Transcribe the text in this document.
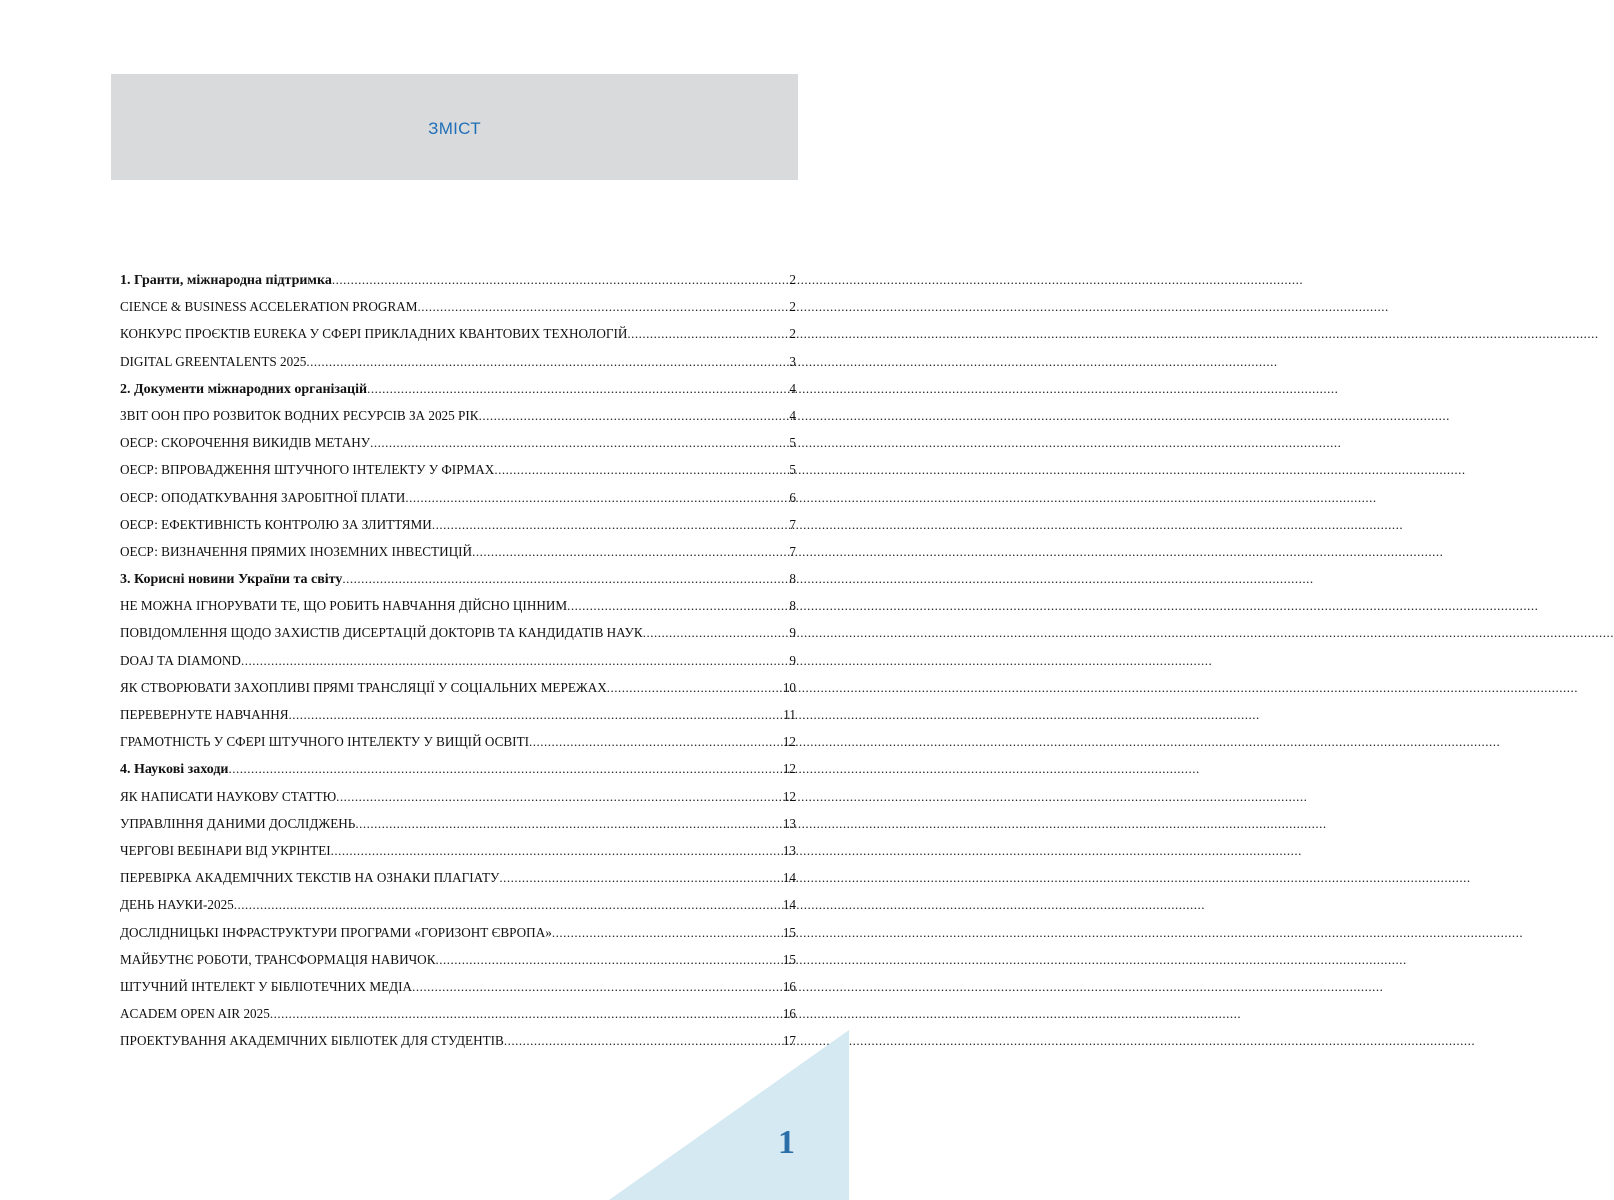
ЗМІСТ
1. Гранти, міжнародна підтримка .....	2
CIENCE & BUSINESS ACCELERATION PROGRAM .....	2
КОНКУРС ПРОЄКТІВ EUREKA У СФЕРІ ПРИКЛАДНИХ КВАНТОВИХ ТЕХНОЛОГІЙ .....	2
DIGITAL GREENTALENTS 2025 .....	3
2. Документи міжнародних організацій .....	4
ЗВІТ ООН ПРО РОЗВИТОК ВОДНИХ РЕСУРСІВ ЗА 2025 РІК .....	4
ОЕСР: СКОРОЧЕННЯ ВИКИДІВ МЕТАНУ .....	5
ОЕСР: ВПРОВАДЖЕННЯ ШТУЧНОГО ІНТЕЛЕКТУ У ФІРМАХ .....	5
ОЕСР: ОПОДАТКУВАННЯ ЗАРОБІТНОЇ ПЛАТИ .....	6
ОЕСР: ЕФЕКТИВНІСТЬ КОНТРОЛЮ ЗА ЗЛИТТЯМИ .....	7
ОЕСР: ВИЗНАЧЕННЯ ПРЯМИХ ІНОЗЕМНИХ ІНВЕСТИЦІЙ .....	7
3. Корисні новини України та світу .....	8
НЕ МОЖНА ІГНОРУВАТИ ТЕ, ЩО РОБИТЬ НАВЧАННЯ ДІЙСНО ЦІННИМ .....	8
ПОВІДОМЛЕННЯ ЩОДО ЗАХИСТІВ ДИСЕРТАЦІЙ ДОКТОРІВ ТА КАНДИДАТІВ НАУК .....	9
DOAJ ТА DIAMOND .....	9
ЯК СТВОРЮВАТИ ЗАХОПЛИВІ ПРЯМІ ТРАНСЛЯЦІЇ У СОЦІАЛЬНИХ МЕРЕЖАХ .....	10
ПЕРЕВЕРНУТЕ НАВЧАННЯ .....	11
ГРАМОТНІСТЬ У СФЕРІ ШТУЧНОГО ІНТЕЛЕКТУ У ВИЩІЙ ОСВІТІ .....	12
4. Наукові заходи .....	12
ЯК НАПИСАТИ НАУКОВУ СТАТТЮ .....	12
УПРАВЛІННЯ ДАНИМИ ДОСЛІДЖЕНЬ .....	13
ЧЕРГОВІ ВЕБІНАРИ ВІД УКРІНТЕІ .....	13
ПЕРЕВІРКА АКАДЕМІЧНИХ ТЕКСТІВ НА ОЗНАКИ ПЛАГІАТУ .....	14
ДЕНЬ НАУКИ-2025 .....	14
ДОСЛІДНИЦЬКІ ІНФРАСТРУКТУРИ ПРОГРАМИ «ГОРИЗОНТ ЄВРОПА» .....	15
МАЙБУТНЄ РОБОТИ, ТРАНСФОРМАЦІЯ НАВИЧОК .....	15
ШТУЧНИЙ ІНТЕЛЕКТ У БІБЛІОТЕЧНИХ МЕДІА .....	16
ACADEM OPEN AIR 2025 .....	16
ПРОЕКТУВАННЯ АКАДЕМІЧНИХ БІБЛІОТЕК ДЛЯ СТУДЕНТІВ .....	17
1
